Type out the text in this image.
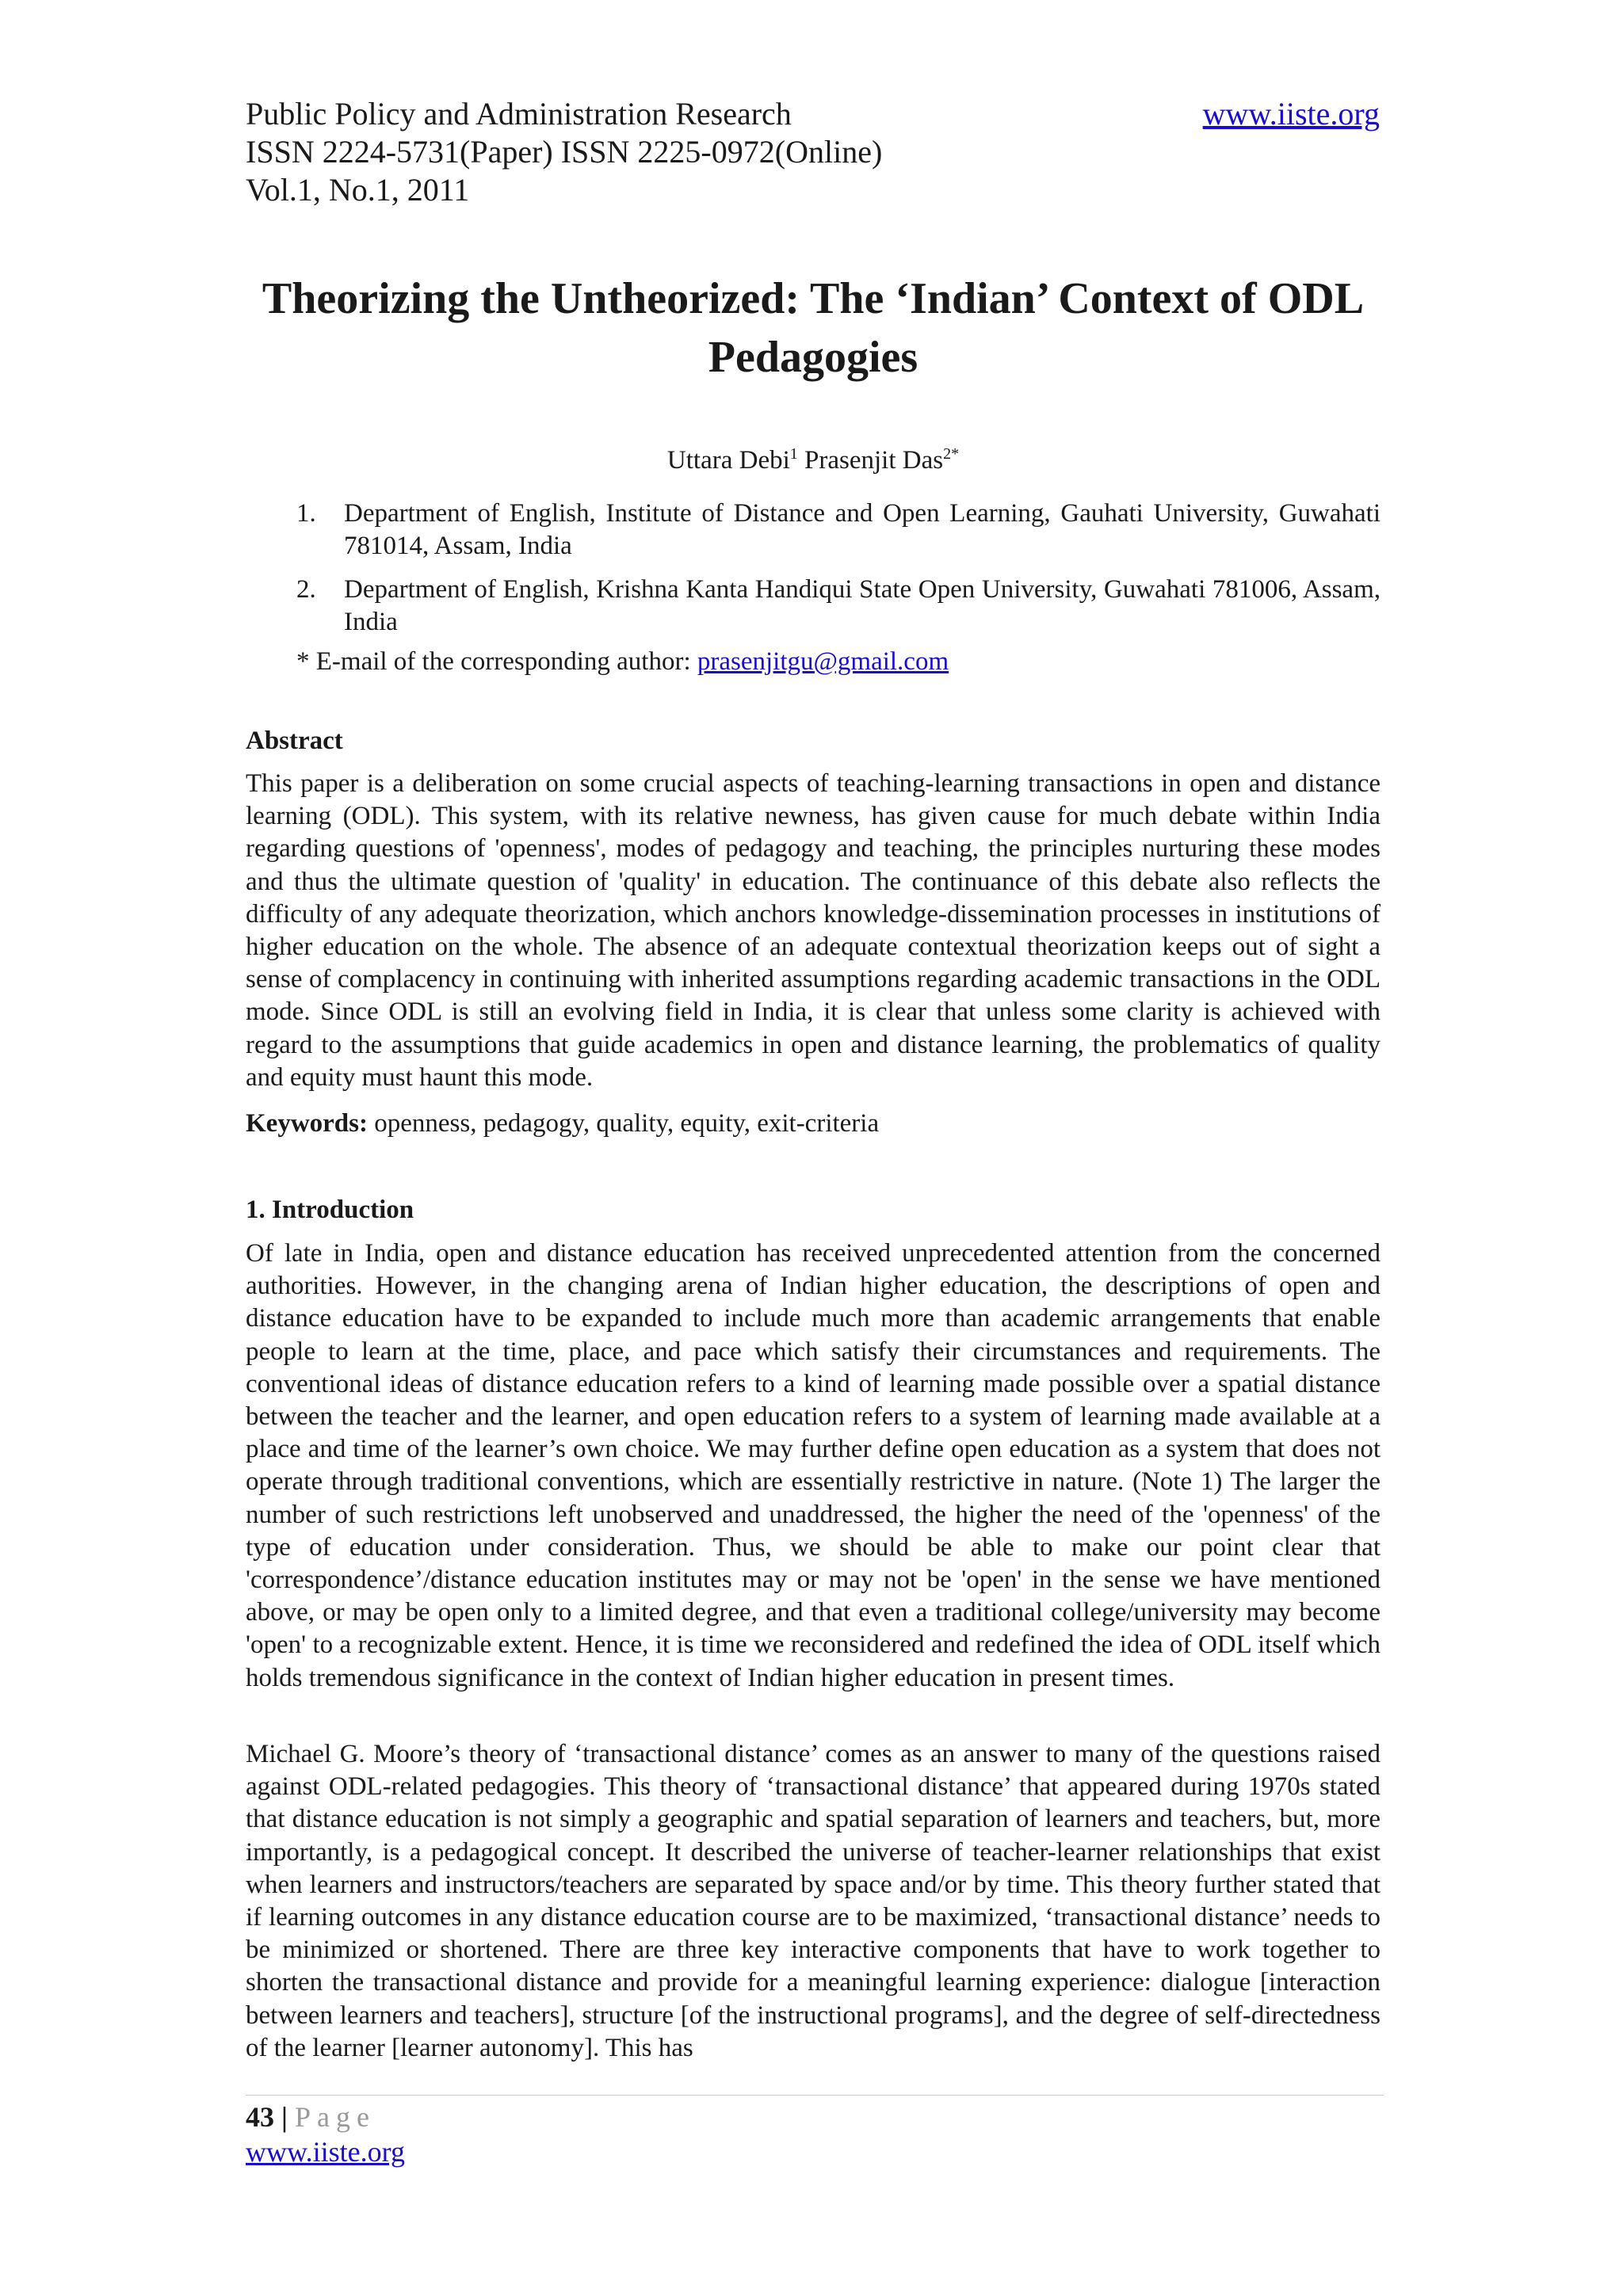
Public Policy and Administration Research

ISSN 2224-5731(Paper) ISSN 2225-0972(Online)

Vol.1, No.1, 2011

www.iiste.org
Theorizing the Untheorized: The ‘Indian’ Context of ODL
Pedagogies

Uttara Debi$^1$ Prasenjit Das$^{2*}$

1. Department of English, Institute of Distance and Open Learning, Gauhati University, Guwahati 781014, Assam, India
2. Department of English, Krishna Kanta Handiqui State Open University, Guwahati 781006, Assam, India

* E-mail of the corresponding author: prasenjitgu@gmail.com

Abstract

This paper is a deliberation on some crucial aspects of teaching-learning transactions in open and distance learning (ODL). This system, with its relative newness, has given cause for much debate within India regarding questions of 'openness', modes of pedagogy and teaching, the principles nurturing these modes and thus the ultimate question of 'quality' in education. The continuance of this debate also reflects the difficulty of any adequate theorization, which anchors knowledge-dissemination processes in institutions of higher education on the whole. The absence of an adequate contextual theorization keeps out of sight a sense of complacency in continuing with inherited assumptions regarding academic transactions in the ODL mode. Since ODL is still an evolving field in India, it is clear that unless some clarity is achieved with regard to the assumptions that guide academics in open and distance learning, the problematics of quality and equity must haunt this mode.

Keywords: openness, pedagogy, quality, equity, exit-criteria

1. Introduction

Of late in India, open and distance education has received unprecedented attention from the concerned authorities. However, in the changing arena of Indian higher education, the descriptions of open and distance education have to be expanded to include much more than academic arrangements that enable people to learn at the time, place, and pace which satisfy their circumstances and requirements. The conventional ideas of distance education refers to a kind of learning made possible over a spatial distance between the teacher and the learner, and open education refers to a system of learning made available at a place and time of the learner’s own choice. We may further define open education as a system that does not operate through traditional conventions, which are essentially restrictive in nature. (Note 1) The larger the number of such restrictions left unobserved and unaddressed, the higher the need of the 'openness' of the type of education under consideration. Thus, we should be able to make our point clear that 'correspondence’/distance education institutes may or may not be 'open' in the sense we have mentioned above, or may be open only to a limited degree, and that even a traditional college/university may become 'open' to a recognizable extent. Hence, it is time we reconsidered and redefined the idea of ODL itself which holds tremendous significance in the context of Indian higher education in present times.

Michael G. Moore’s theory of ‘transactional distance’ comes as an answer to many of the questions raised against ODL-related pedagogies. This theory of ‘transactional distance’ that appeared during 1970s stated that distance education is not simply a geographic and spatial separation of learners and teachers, but, more importantly, is a pedagogical concept. It described the universe of teacher-learner relationships that exist when learners and instructors/teachers are separated by space and/or by time. This theory further stated that if learning outcomes in any distance education course are to be maximized, ‘transactional distance’ needs to be minimized or shortened. There are three key interactive components that have to work together to shorten the transactional distance and provide for a meaningful learning experience: dialogue [interaction between learners and teachers], structure [of the instructional programs], and the degree of self-directedness of the learner [learner autonomy]. This has

43 | Page

www.iiste.org
